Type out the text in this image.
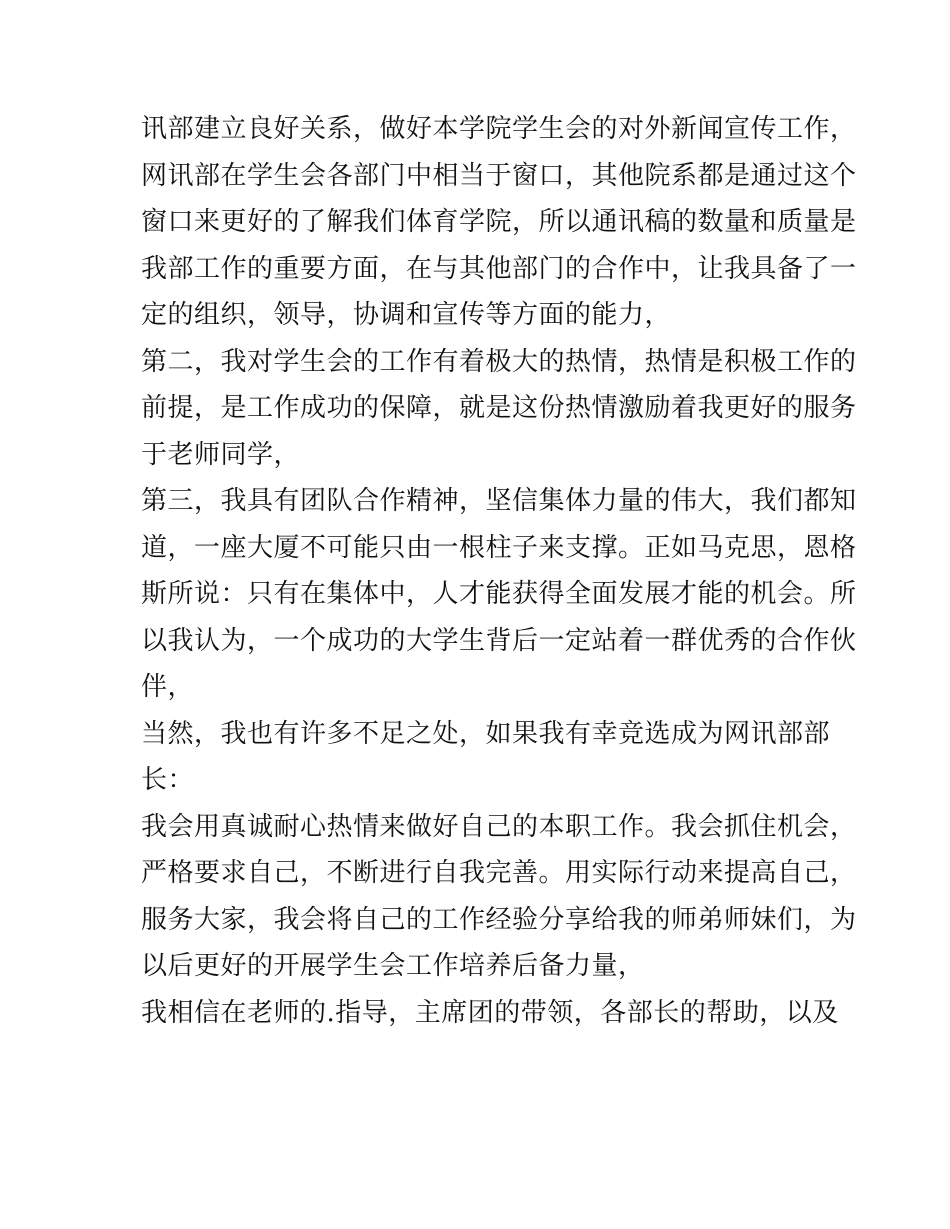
讯部建立良好关系，做好本学院学生会的对外新闻宣传工作，
网讯部在学生会各部门中相当于窗口，其他院系都是通过这个
窗口来更好的了解我们体育学院，所以通讯稿的数量和质量是
我部工作的重要方面，在与其他部门的合作中，让我具备了一
定的组织，领导，协调和宣传等方面的能力，
第二，我对学生会的工作有着极大的热情，热情是积极工作的
前提，是工作成功的保障，就是这份热情激励着我更好的服务
于老师同学，
第三，我具有团队合作精神，坚信集体力量的伟大，我们都知
道，一座大厦不可能只由一根柱子来支撑。正如马克思，恩格
斯所说：只有在集体中，人才能获得全面发展才能的机会。所
以我认为，一个成功的大学生背后一定站着一群优秀的合作伙
伴，
当然，我也有许多不足之处，如果我有幸竞选成为网讯部部
长：
我会用真诚耐心热情来做好自己的本职工作。我会抓住机会，
严格要求自己，不断进行自我完善。用实际行动来提高自己，
服务大家，我会将自己的工作经验分享给我的师弟师妹们，为
以后更好的开展学生会工作培养后备力量，
我相信在老师的.指导，主席团的带领，各部长的帮助，以及
